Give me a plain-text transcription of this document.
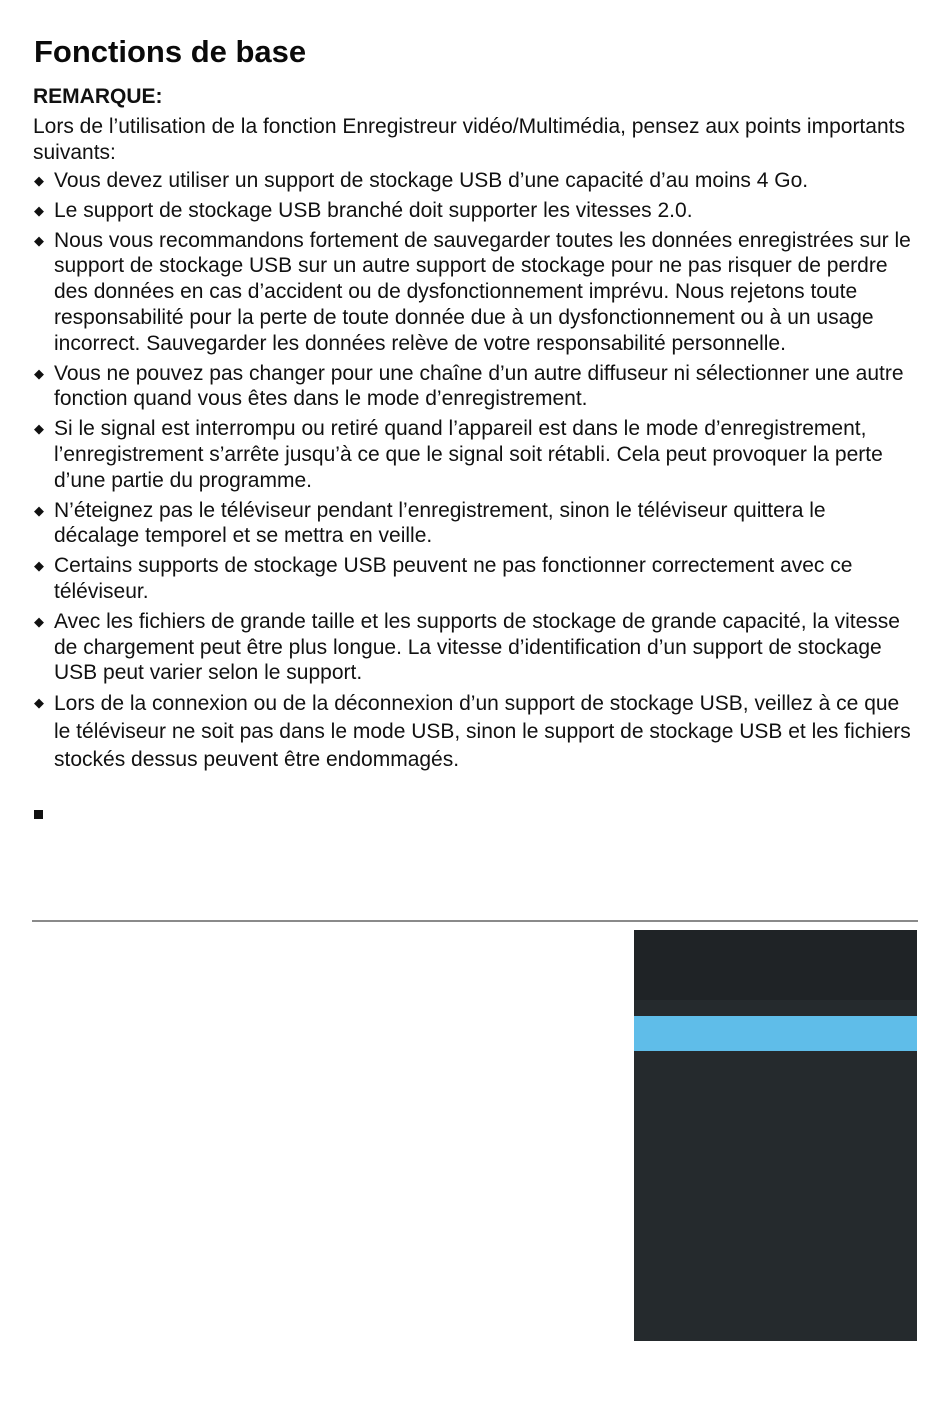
Fonctions de base
REMARQUE:
Lors de l’utilisation de la fonction Enregistreur vidéo/Multimédia, pensez aux points importants suivants:
◆ Vous devez utiliser un support de stockage USB d’une capacité d’au moins 4 Go.
◆ Le support de stockage USB branché doit supporter les vitesses 2.0.
◆ Nous vous recommandons fortement de sauvegarder toutes les données enregistrées sur le support de stockage USB sur un autre support de stockage pour ne pas risquer de perdre des données en cas d’accident ou de dysfonctionnement imprévu. Nous rejetons toute responsabilité pour la perte de toute donnée due à un dysfonctionnement ou à un usage incorrect. Sauvegarder les données relève de votre responsabilité personnelle.
◆ Vous ne pouvez pas changer pour une chaîne d’un autre diffuseur ni sélectionner une autre fonction quand vous êtes dans le mode d’enregistrement.
◆ Si le signal est interrompu ou retiré quand l’appareil est dans le mode d’enregistrement, l’enregistrement s’arrête jusqu’à ce que le signal soit rétabli. Cela peut provoquer la perte d’une partie du programme.
◆ N’éteignez pas le téléviseur pendant l’enregistrement, sinon le téléviseur quittera le décalage temporel et se mettra en veille.
◆ Certains supports de stockage USB peuvent ne pas fonctionner correctement avec ce téléviseur.
◆ Avec les fichiers de grande taille et les supports de stockage de grande capacité, la vitesse de chargement peut être plus longue. La vitesse d’identification d’un support de stockage USB peut varier selon le support.
◆ Lors de la connexion ou de la déconnexion d’un support de stockage USB, veillez à ce que le téléviseur ne soit pas dans le mode USB, sinon le support de stockage USB et les fichiers stockés dessus peuvent être endommagés.
